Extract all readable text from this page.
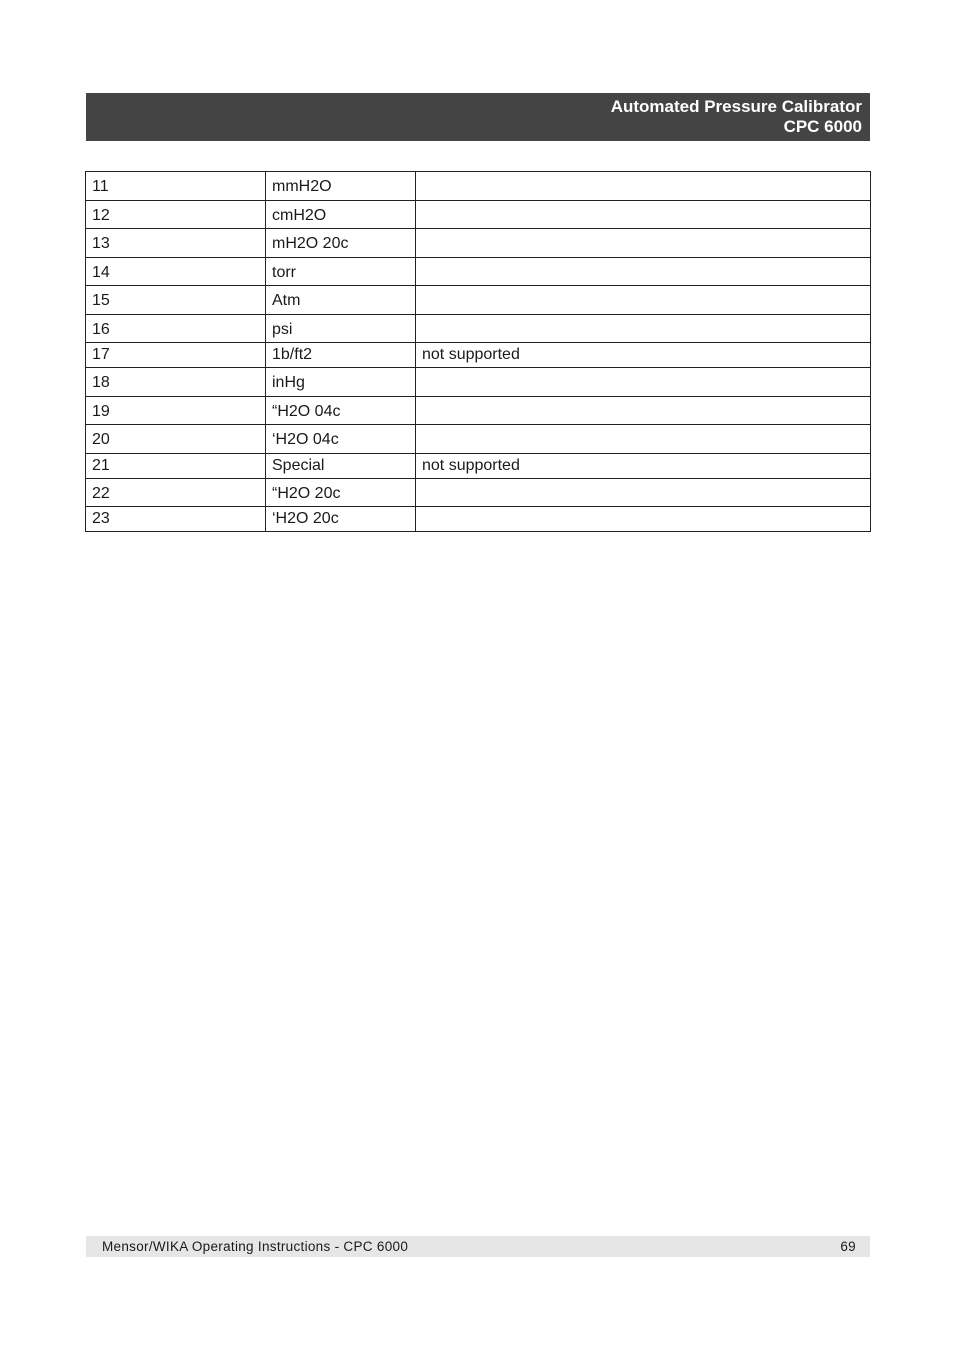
Automated Pressure Calibrator
CPC 6000
11	mmH2O	
12	cmH2O	
13	mH2O 20c	
14	torr	
15	Atm	
16	psi	
17	1b/ft2	not supported
18	inHg	
19	“H2O 04c	
20	‘H2O 04c	
21	Special	not supported
22	“H2O 20c	
23	‘H2O 20c	
Mensor/WIKA Operating Instructions - CPC 6000	69
